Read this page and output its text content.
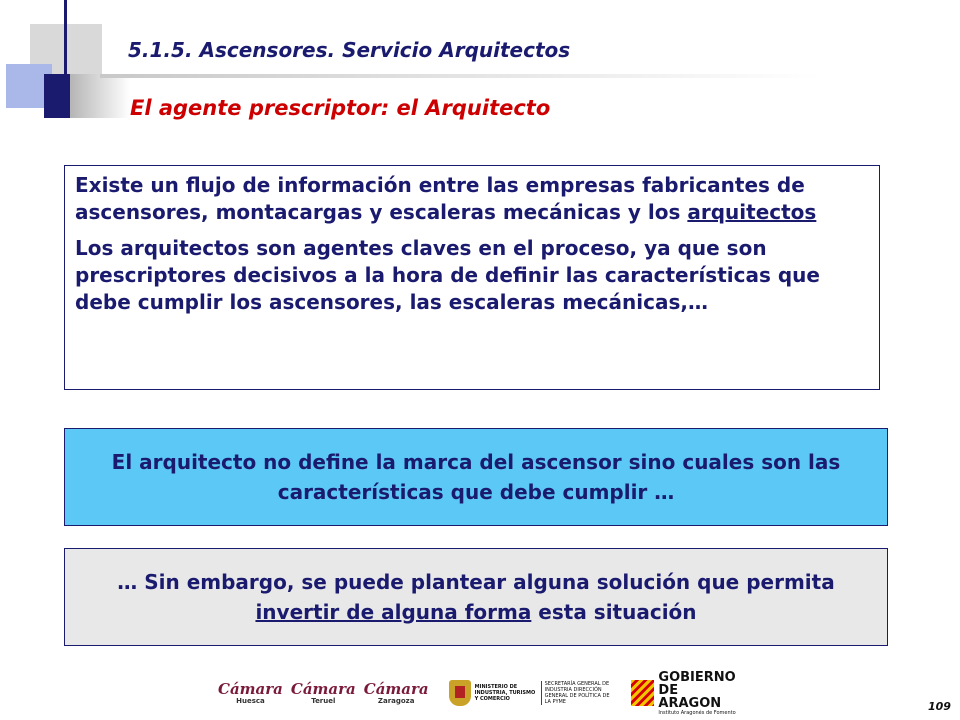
5.1.5. Ascensores. Servicio Arquitectos
El agente prescriptor: el Arquitecto

Existe un flujo de información entre las empresas fabricantes de ascensores, montacargas y escaleras mecánicas y los arquitectos

Los arquitectos son agentes claves en el proceso, ya que son prescriptores decisivos a la hora de definir las características que debe cumplir los ascensores, las escaleras mecánicas,…

El arquitecto no define la marca del ascensor sino cuales son las características que debe cumplir …
… Sin embargo, se puede plantear alguna solución que permita invertir de alguna forma esta situación
Cámara
Huesca
Cámara
Teruel
Cámara
Zaragoza
MINISTERIO DE INDUSTRIA, TURISMO Y COMERCIO
SECRETARÍA GENERAL DE INDUSTRIA DIRECCIÓN GENERAL DE POLÍTICA DE LA PYME
GOBIERNO
DE ARAGON
Instituto Aragonés de Fomento	109
